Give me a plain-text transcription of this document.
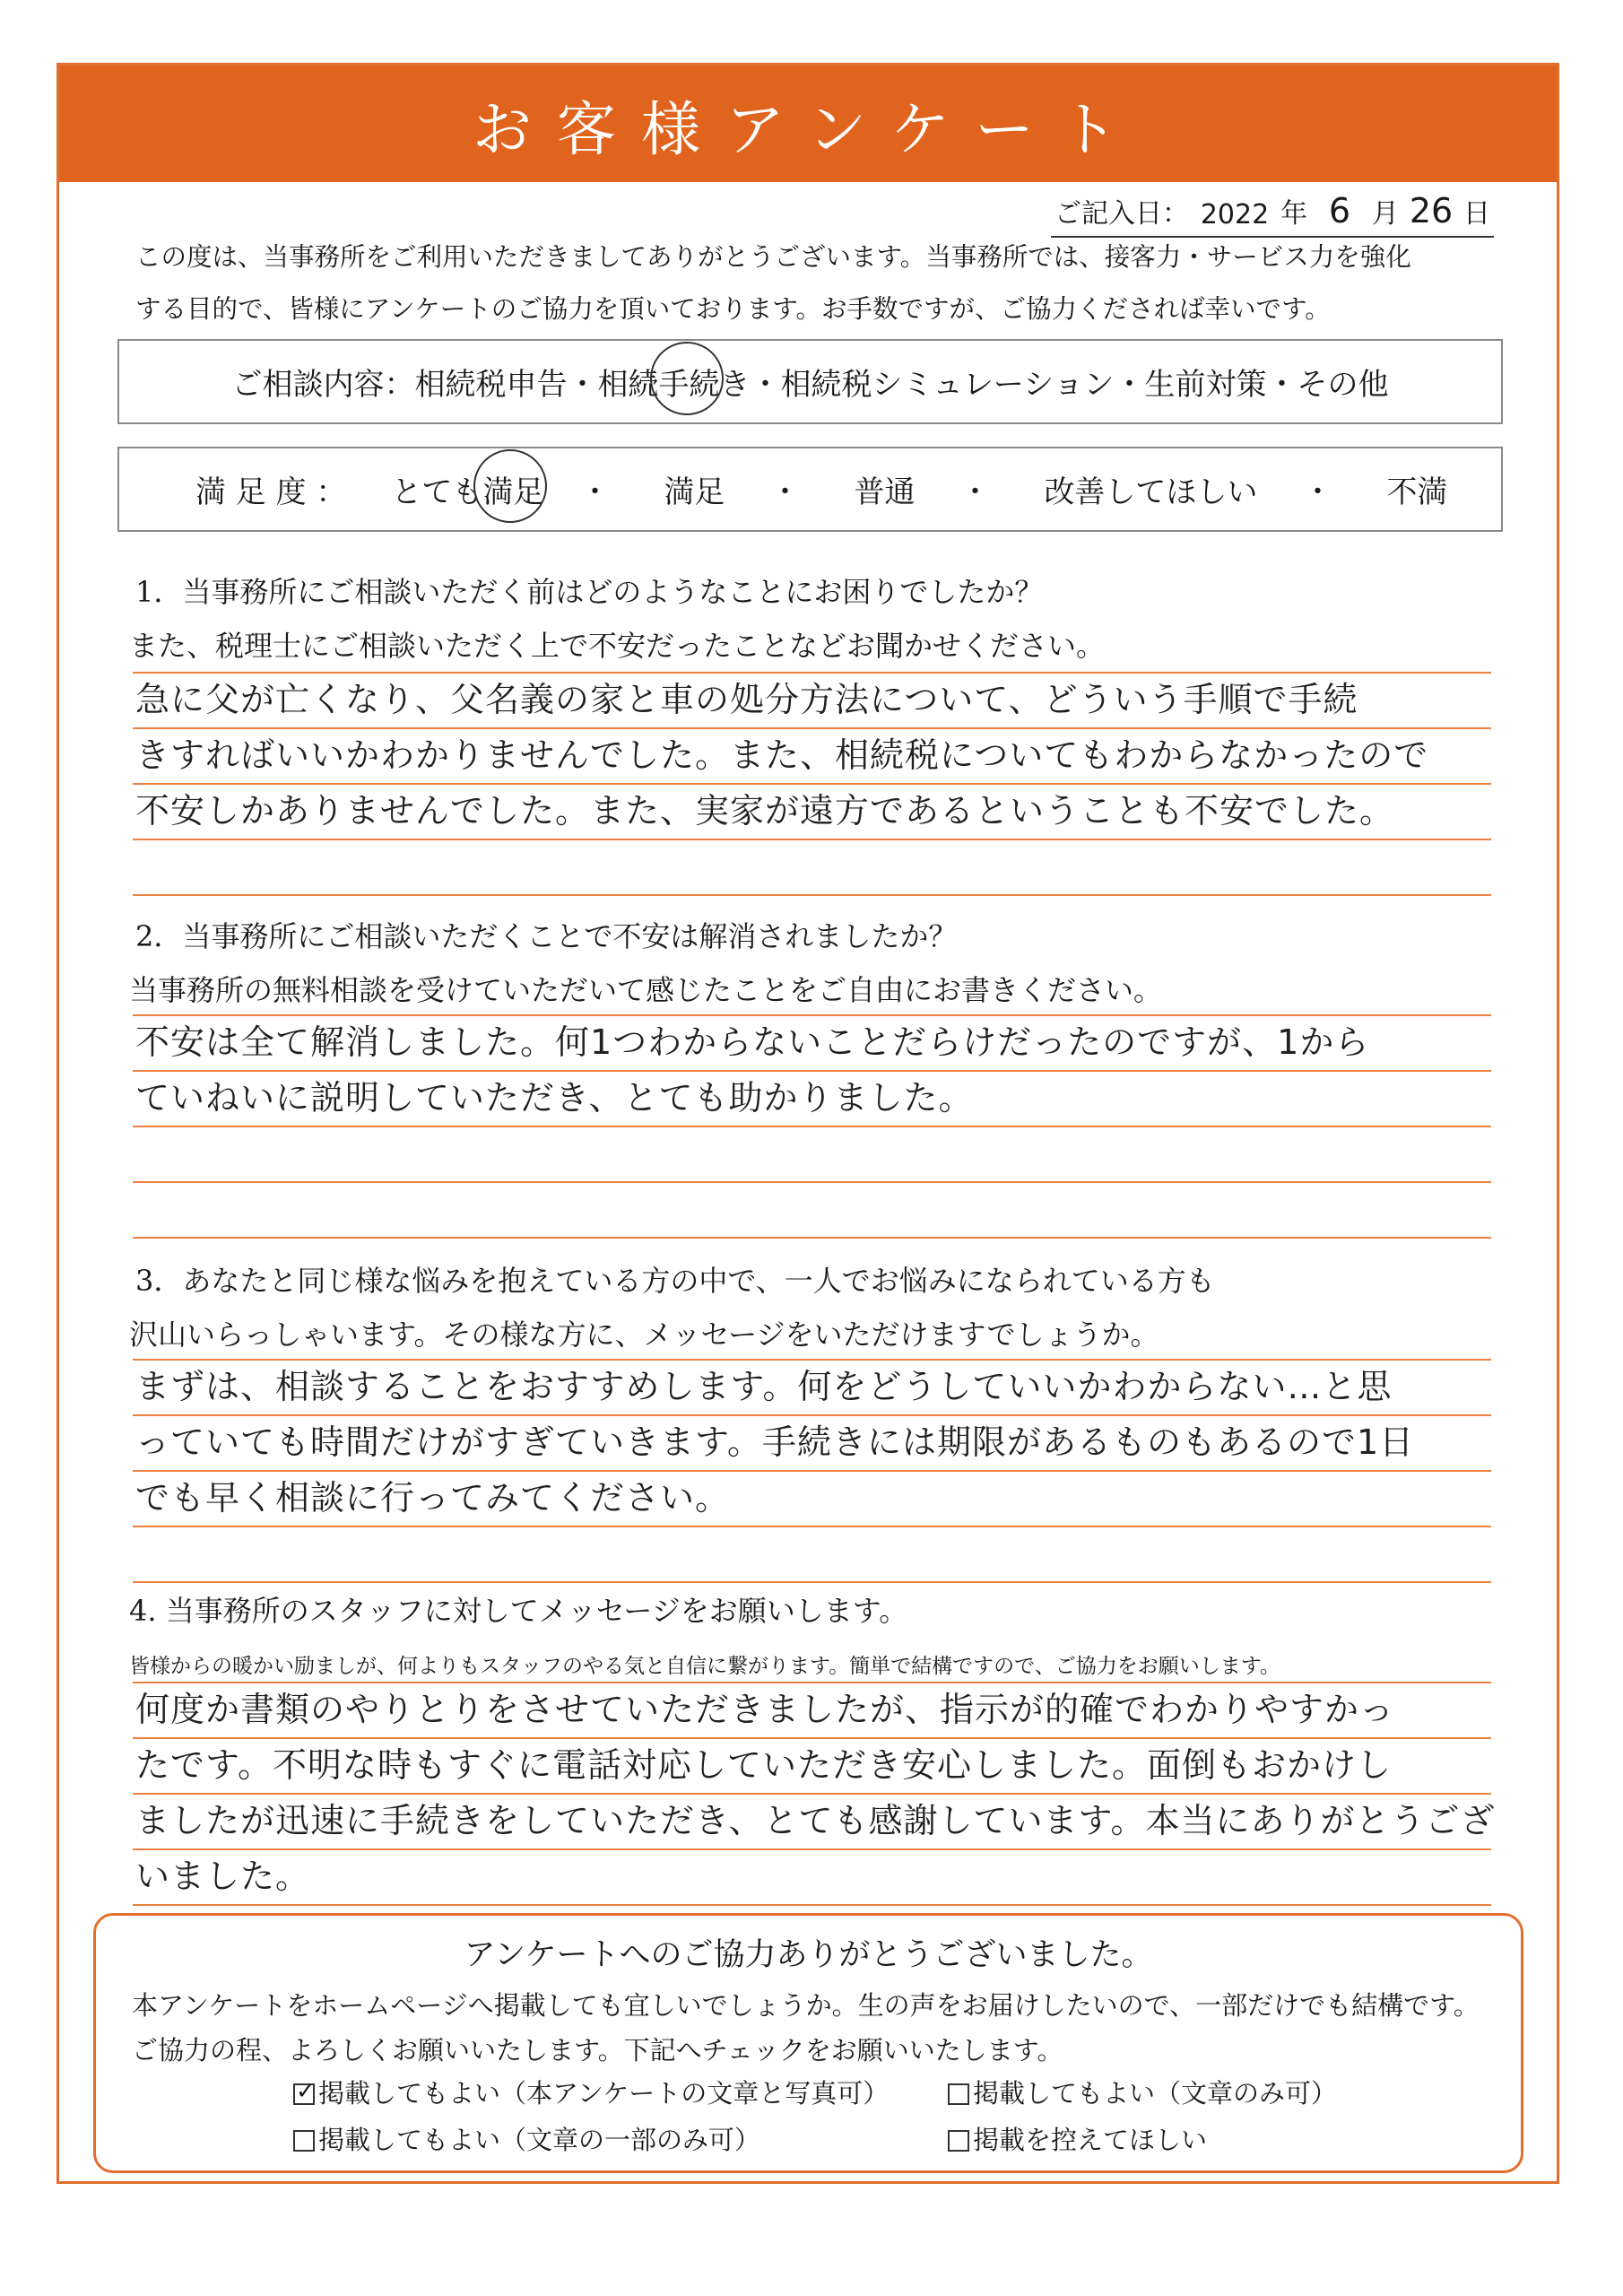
お客様アンケート
ご記入日： 2022 年 6 月 26 日
この度は、当事務所をご利用いただきましてありがとうございます。当事務所では、接客力・サービス力を強化
する目的で、皆様にアンケートのご協力を頂いております。お手数ですが、ご協力くだされば幸いです。
ご相談内容： 相続税申告・相続 手続 き・相続税シミュレーション・生前対策・その他
満 足 度 ： とても満足 ・ 満足 ・ 普通 ・ 改善してほしい ・ 不満
1．当事務所にご相談いただく前はどのようなことにお困りでしたか？
また、税理士にご相談いただく上で不安だったことなどお聞かせください。
急に父が亡くなり、父名義の家と車の処分方法について、どういう手順で手続
きすればいいかわかりませんでした。また、相続税についてもわからなかったので
不安しかありませんでした。また、実家が遠方であるということも不安でした。
2．当事務所にご相談いただくことで不安は解消されましたか？
当事務所の無料相談を受けていただいて感じたことをご自由にお書きください。
不安は全て解消しました。何1つわからないことだらけだったのですが、1から
ていねいに説明していただき、とても助かりました。
3．あなたと同じ様な悩みを抱えている方の中で、一人でお悩みになられている方も
沢山いらっしゃいます。その様な方に、メッセージをいただけますでしょうか。
まずは、相談することをおすすめします。何をどうしていいかわからない…と思
っていても時間だけがすぎていきます。手続きには期限があるものもあるので1日
でも早く相談に行ってみてください。
4. 当事務所のスタッフに対してメッセージをお願いします。
皆様からの暖かい励ましが、何よりもスタッフのやる気と自信に繋がります。簡単で結構ですので、ご協力をお願いします。
何度か書類のやりとりをさせていただきましたが、指示が的確でわかりやすかっ
たです。不明な時もすぐに電話対応していただき安心しました。面倒もおかけし
ましたが迅速に手続きをしていただき、とても感謝しています。本当にありがとうござ
いました。
アンケートへのご協力ありがとうございました。
本アンケートをホームページへ掲載しても宜しいでしょうか。生の声をお届けしたいので、一部だけでも結構です。
ご協力の程、よろしくお願いいたします。下記へチェックをお願いいたします。
✓掲載してもよい（本アンケートの文章と写真可）	掲載してもよい（文章のみ可）
掲載してもよい（文章の一部のみ可）	掲載を控えてほしい
